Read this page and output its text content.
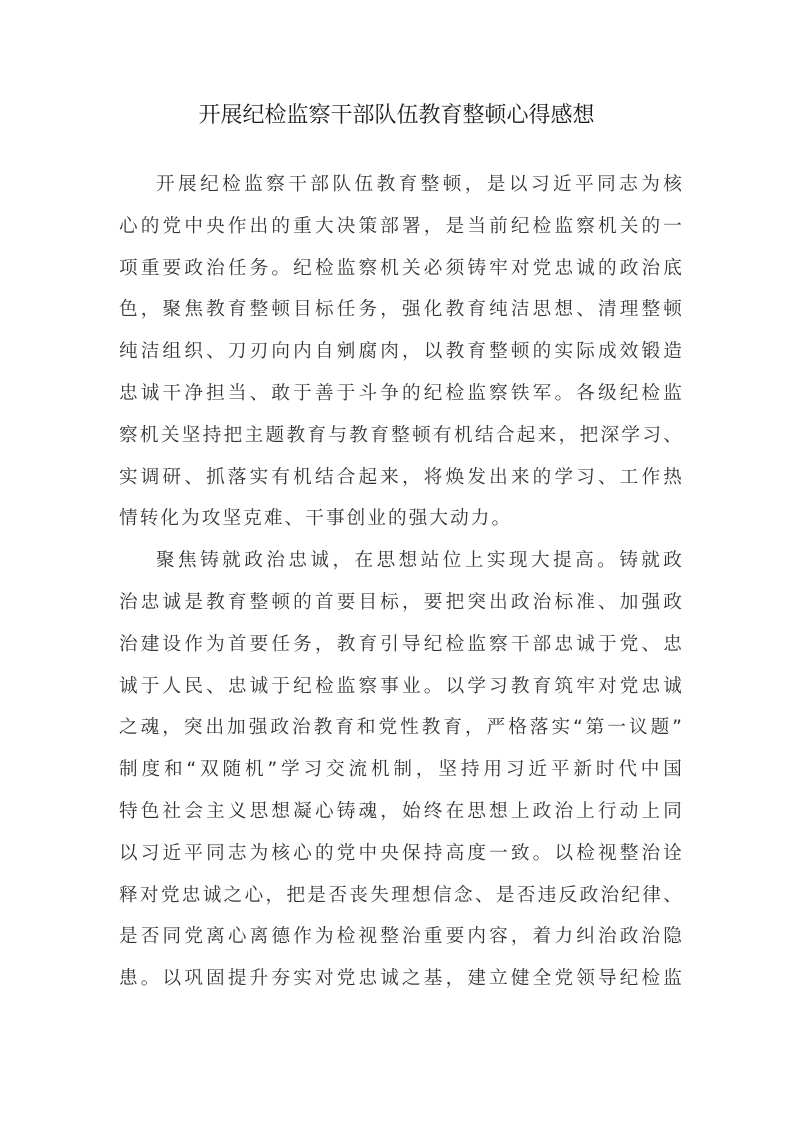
开展纪检监察干部队伍教育整顿心得感想
开展纪检监察干部队伍教育整顿，是以习近平同志为核
心的党中央作出的重大决策部署，是当前纪检监察机关的一
项重要政治任务。纪检监察机关必须铸牢对党忠诚的政治底
色，聚焦教育整顿目标任务，强化教育纯洁思想、清理整顿
纯洁组织、刀刃向内自剜腐肉，以教育整顿的实际成效锻造
忠诚干净担当、敢于善于斗争的纪检监察铁军。各级纪检监
察机关坚持把主题教育与教育整顿有机结合起来，把深学习、
实调研、抓落实有机结合起来，将焕发出来的学习、工作热
情转化为攻坚克难、干事创业的强大动力。
聚焦铸就政治忠诚，在思想站位上实现大提高。铸就政
治忠诚是教育整顿的首要目标，要把突出政治标准、加强政
治建设作为首要任务，教育引导纪检监察干部忠诚于党、忠
诚于人民、忠诚于纪检监察事业。以学习教育筑牢对党忠诚
之魂，突出加强政治教育和党性教育，严格落实“第一议题”
制度和“双随机”学习交流机制，坚持用习近平新时代中国
特色社会主义思想凝心铸魂，始终在思想上政治上行动上同
以习近平同志为核心的党中央保持高度一致。以检视整治诠
释对党忠诚之心，把是否丧失理想信念、是否违反政治纪律、
是否同党离心离德作为检视整治重要内容，着力纠治政治隐
患。以巩固提升夯实对党忠诚之基，建立健全党领导纪检监
